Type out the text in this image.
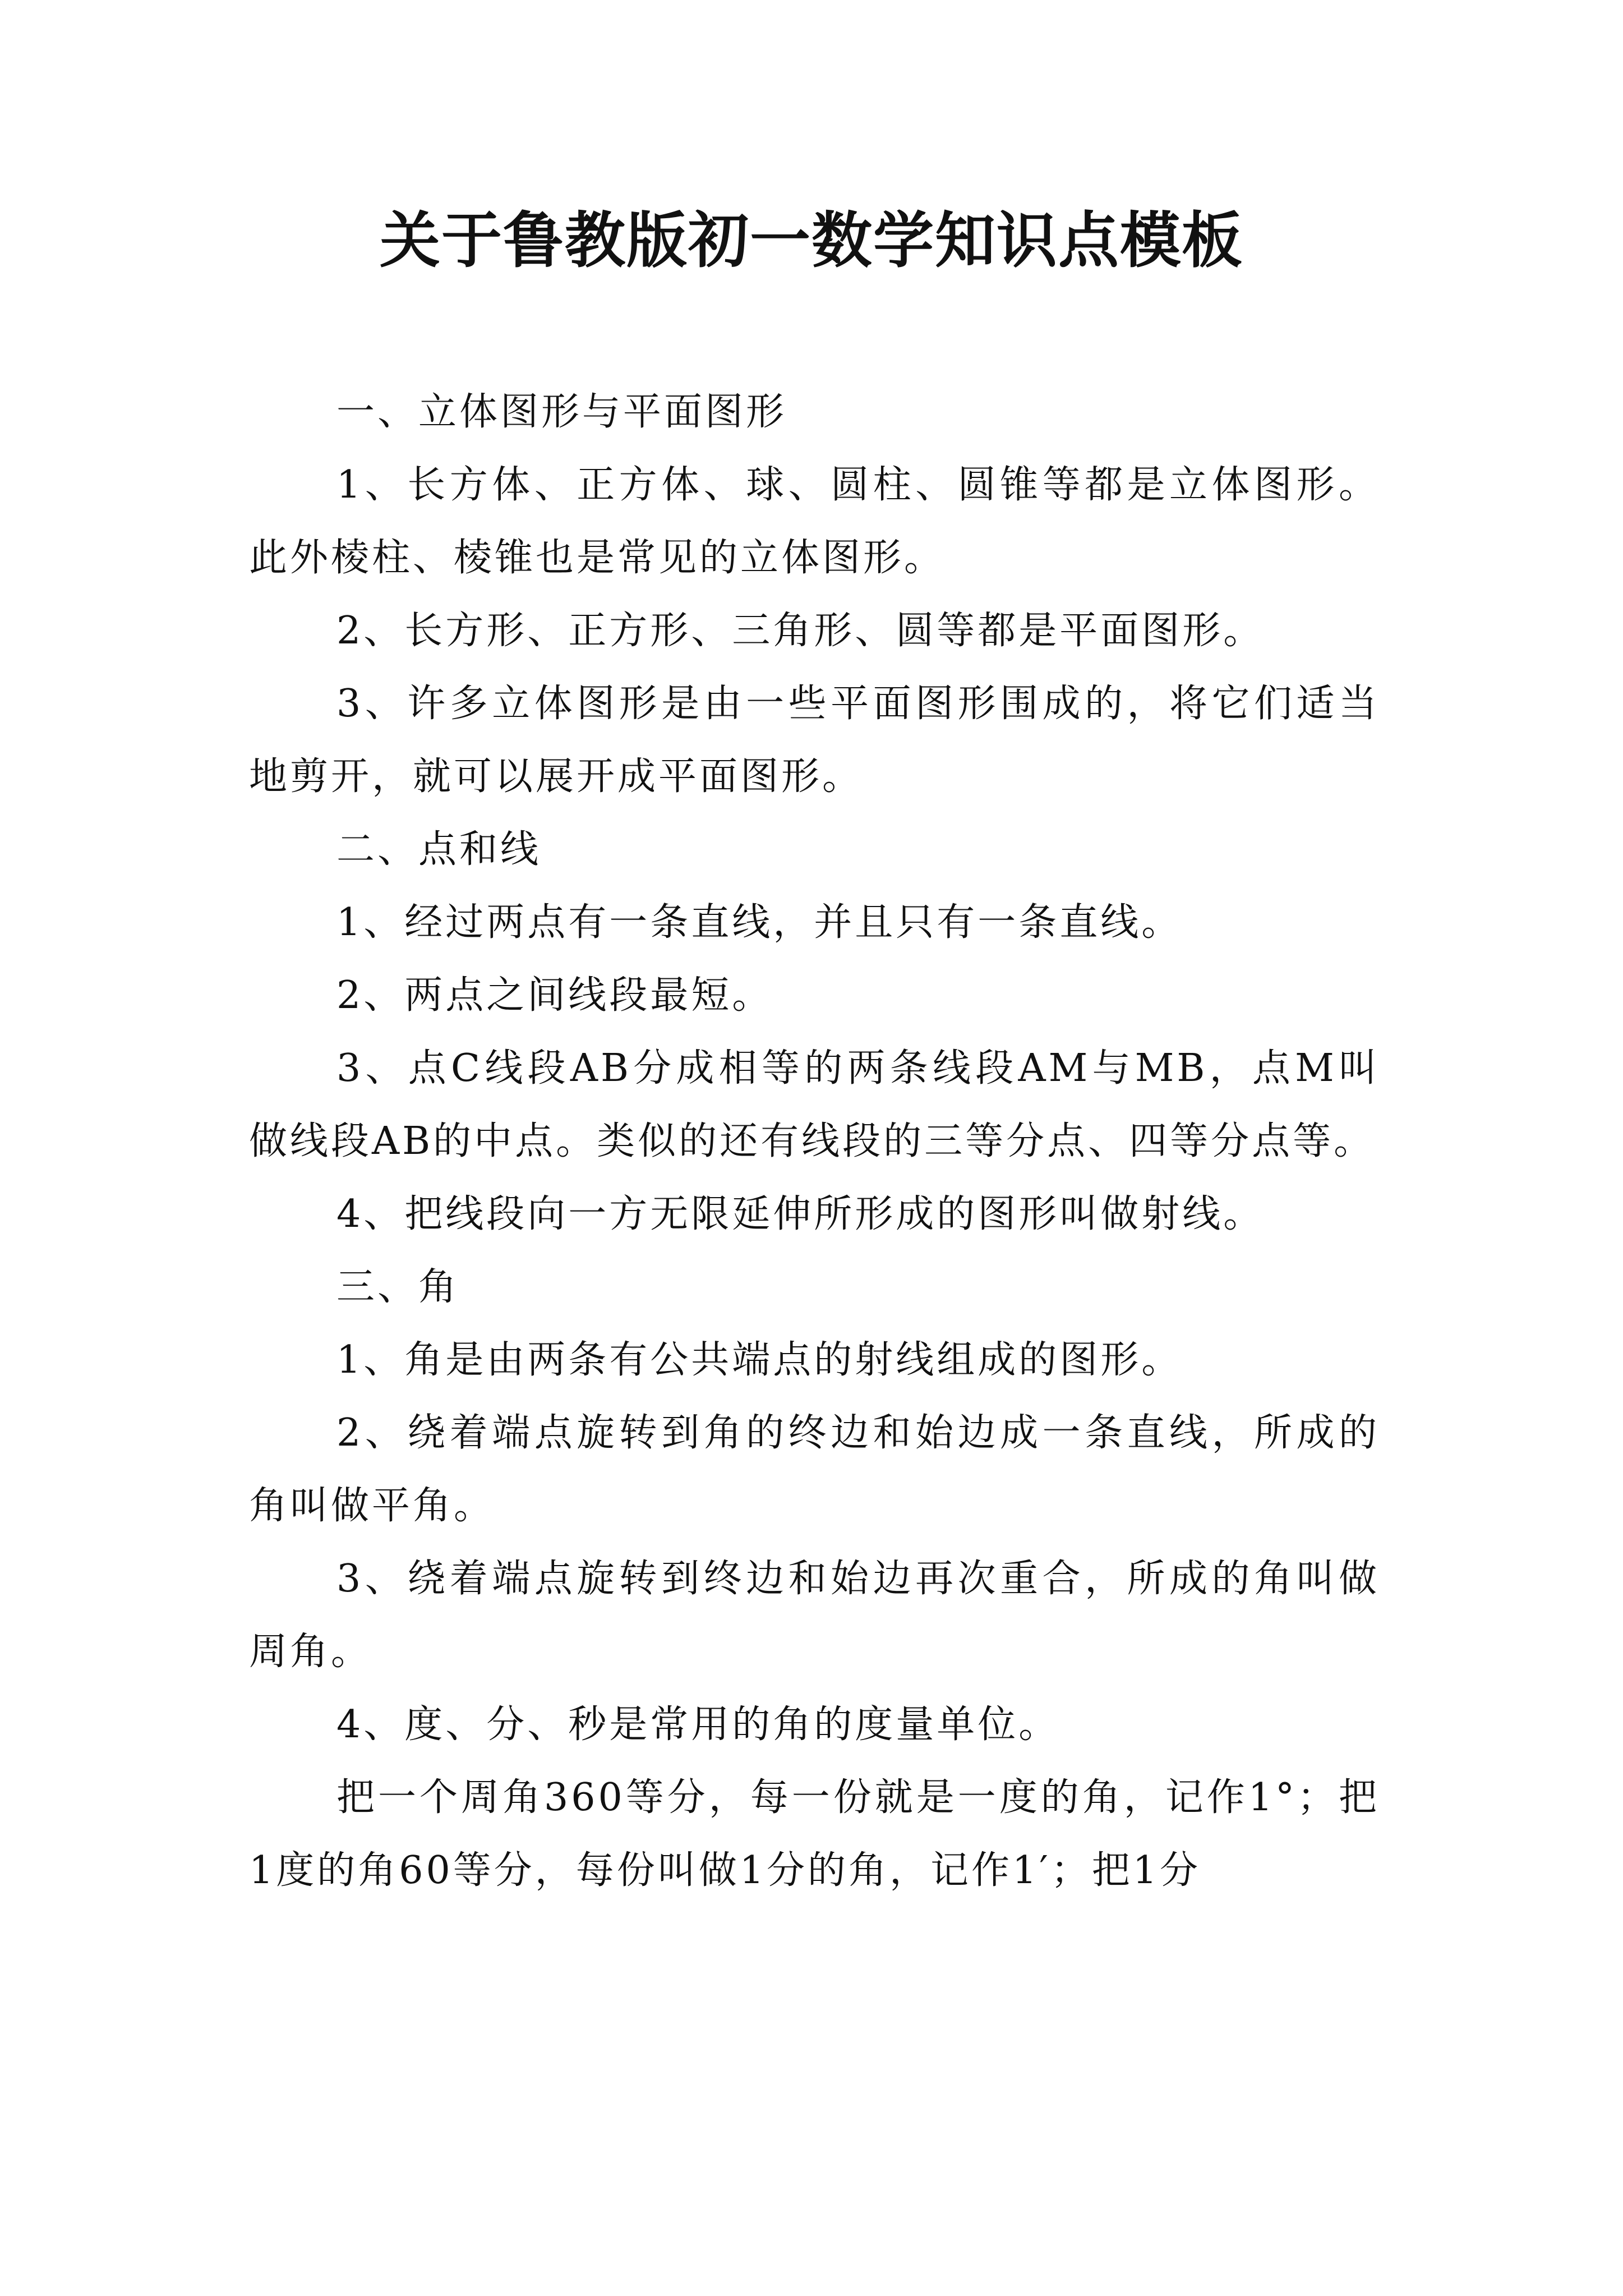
关于鲁教版初一数学知识点模板

一、立体图形与平面图形

1、长方体、正方体、球、圆柱、圆锥等都是立体图形。此外棱柱、棱锥也是常见的立体图形。

2、长方形、正方形、三角形、圆等都是平面图形。

3、许多立体图形是由一些平面图形围成的，将它们适当地剪开，就可以展开成平面图形。

二、点和线

1、经过两点有一条直线，并且只有一条直线。

2、两点之间线段最短。

3、点C线段AB分成相等的两条线段AM与MB，点M叫做线段AB的中点。类似的还有线段的三等分点、四等分点等。

4、把线段向一方无限延伸所形成的图形叫做射线。

三、角

1、角是由两条有公共端点的射线组成的图形。

2、绕着端点旋转到角的终边和始边成一条直线，所成的角叫做平角。

3、绕着端点旋转到终边和始边再次重合，所成的角叫做周角。

4、度、分、秒是常用的角的度量单位。

把一个周角360等分，每一份就是一度的角，记作1°；把1度的角60等分，每份叫做1分的角，记作1′；把1分
